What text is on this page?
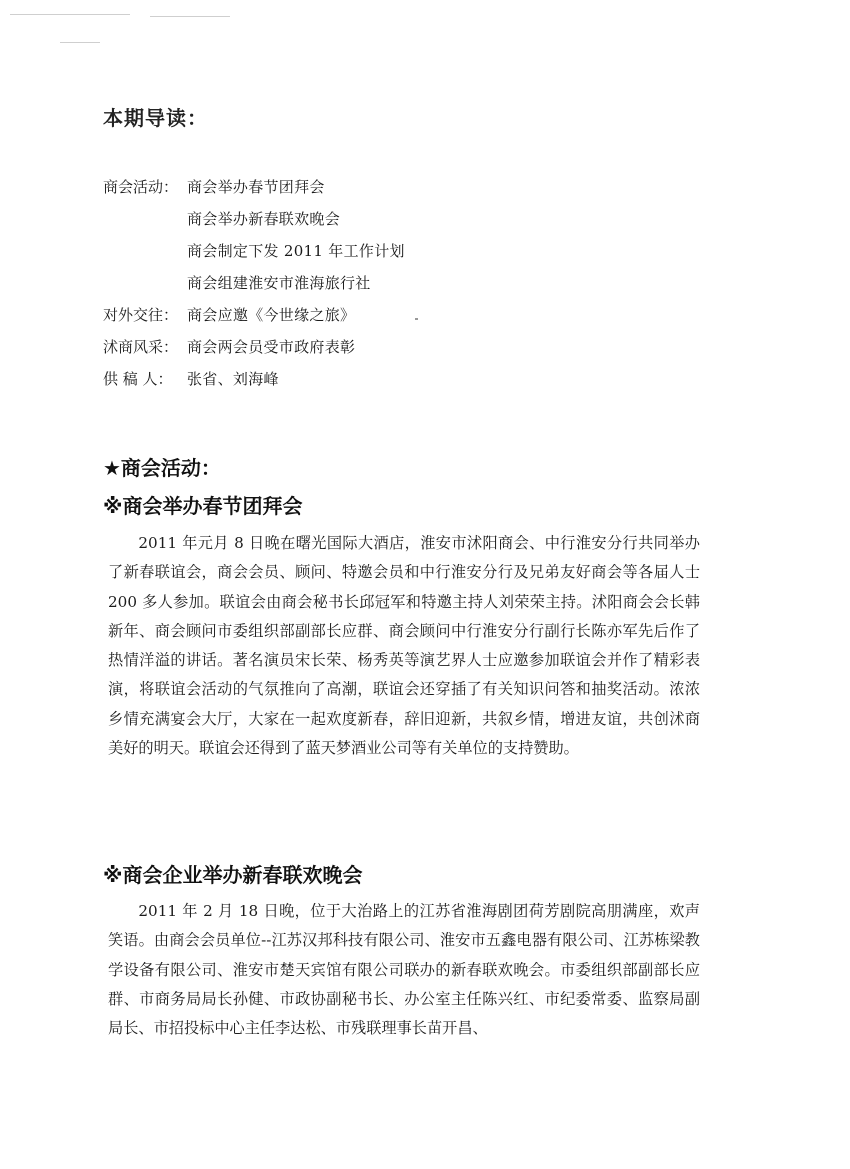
本期导读：
商会活动： 商会举办春节团拜会
商会举办新春联欢晚会
商会制定下发 2011 年工作计划
商会组建淮安市淮海旅行社
对外交往： 商会应邀《今世缘之旅》
沭商风采： 商会两会员受市政府表彰
供 稿 人： 张省、刘海峰
★商会活动：
※商会举办春节团拜会

2011 年元月 8 日晚在曙光国际大酒店，淮安市沭阳商会、中行淮安分行共同举办了新春联谊会，商会会员、顾问、特邀会员和中行淮安分行及兄弟友好商会等各届人士 200 多人参加。联谊会由商会秘书长邱冠军和特邀主持人刘荣荣主持。沭阳商会会长韩新年、商会顾问市委组织部副部长应群、商会顾问中行淮安分行副行长陈亦军先后作了热情洋溢的讲话。著名演员宋长荣、杨秀英等演艺界人士应邀参加联谊会并作了精彩表演，将联谊会活动的气氛推向了高潮，联谊会还穿插了有关知识问答和抽奖活动。浓浓乡情充满宴会大厅，大家在一起欢度新春，辞旧迎新，共叙乡情，增进友谊，共创沭商美好的明天。联谊会还得到了蓝天梦酒业公司等有关单位的支持赞助。

※商会企业举办新春联欢晚会

2011 年 2 月 18 日晚，位于大治路上的江苏省淮海剧团荷芳剧院高朋满座，欢声笑语。由商会会员单位--江苏汉邦科技有限公司、淮安市五鑫电器有限公司、江苏栋梁教学设备有限公司、淮安市楚天宾馆有限公司联办的新春联欢晚会。市委组织部副部长应群、市商务局局长孙健、市政协副秘书长、办公室主任陈兴红、市纪委常委、监察局副局长、市招投标中心主任李达松、市残联理事长苗开昌、
